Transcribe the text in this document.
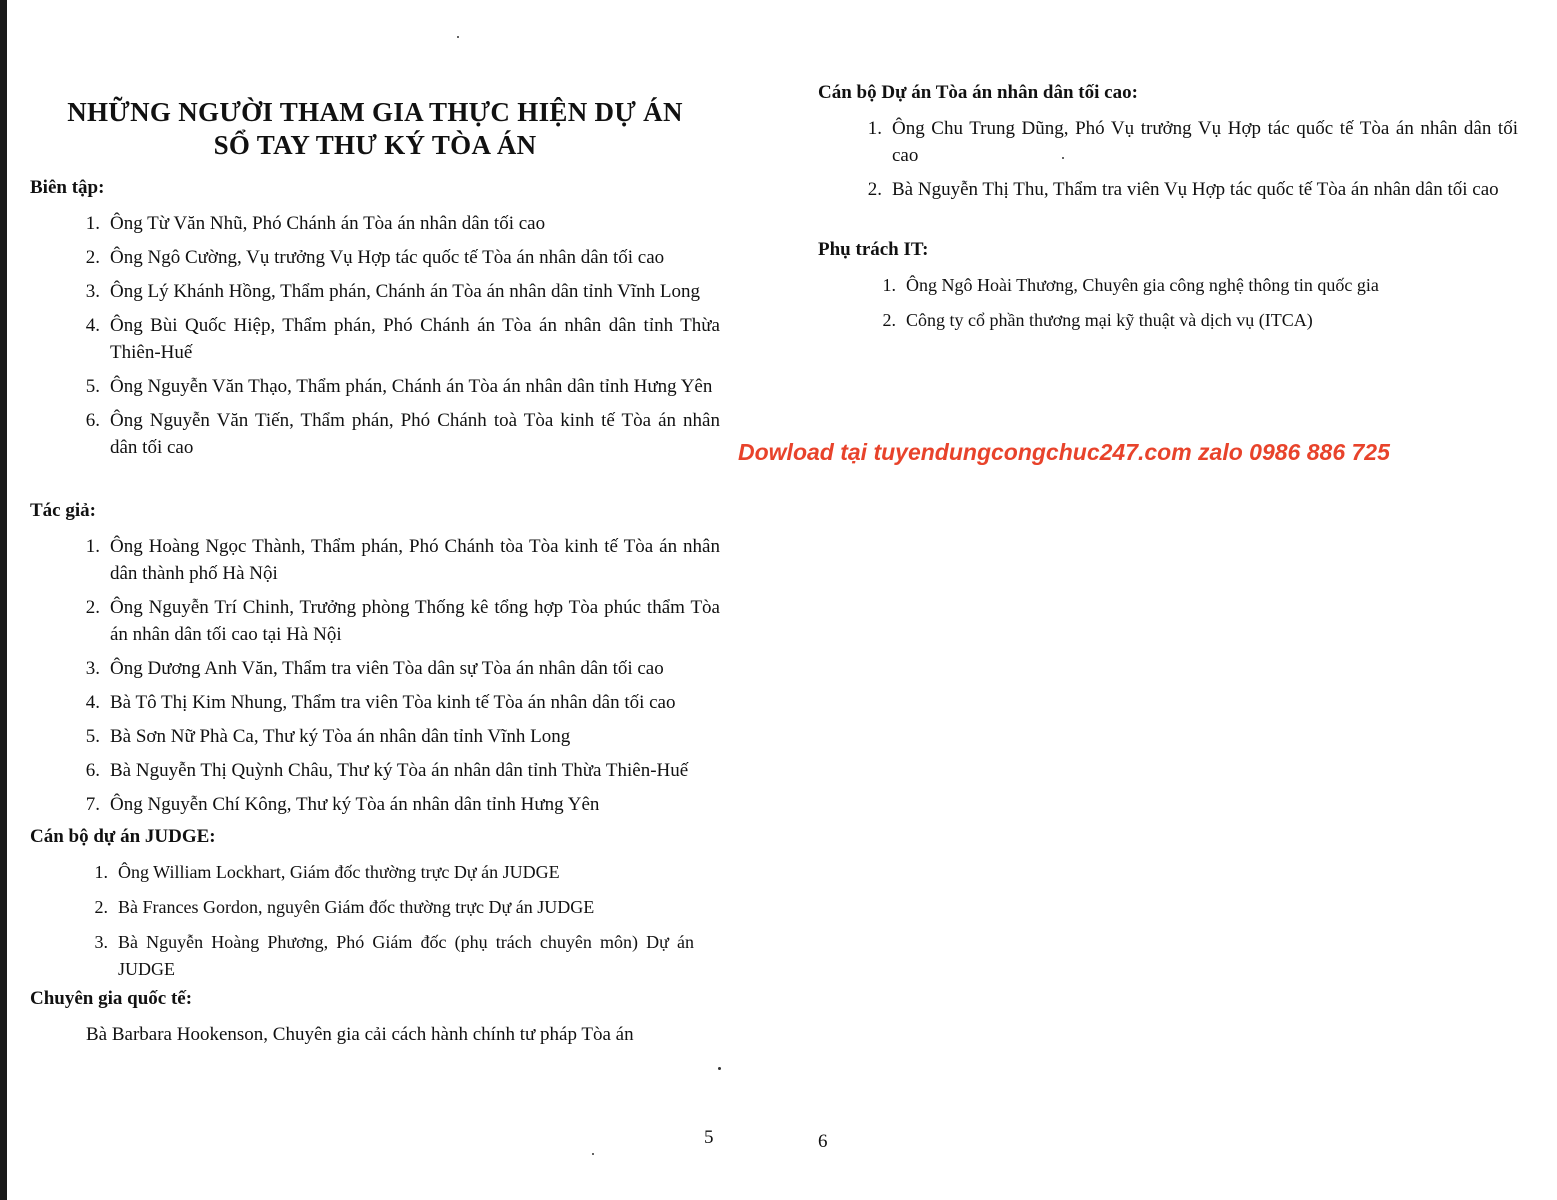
NHỮNG NGƯỜI THAM GIA THỰC HIỆN DỰ ÁN
SỔ TAY THƯ KÝ TÒA ÁN
Biên tập:
1. Ông Từ Văn Nhũ, Phó Chánh án Tòa án nhân dân tối cao
2. Ông Ngô Cường, Vụ trưởng Vụ Hợp tác quốc tế Tòa án nhân dân tối cao
3. Ông Lý Khánh Hồng, Thẩm phán, Chánh án Tòa án nhân dân tỉnh Vĩnh Long
4. Ông Bùi Quốc Hiệp, Thẩm phán, Phó Chánh án Tòa án nhân dân tỉnh Thừa Thiên-Huế
5. Ông Nguyễn Văn Thạo, Thẩm phán, Chánh án Tòa án nhân dân tỉnh Hưng Yên
6. Ông Nguyễn Văn Tiến, Thẩm phán, Phó Chánh toà Tòa kinh tế Tòa án nhân dân tối cao
Tác giả:
1. Ông Hoàng Ngọc Thành, Thẩm phán, Phó Chánh tòa Tòa kinh tế Tòa án nhân dân thành phố Hà Nội
2. Ông Nguyễn Trí Chinh, Trưởng phòng Thống kê tổng hợp Tòa phúc thẩm Tòa án nhân dân tối cao tại Hà Nội
3. Ông Dương Anh Văn, Thẩm tra viên Tòa dân sự Tòa án nhân dân tối cao
4. Bà Tô Thị Kim Nhung, Thẩm tra viên Tòa kinh tế Tòa án nhân dân tối cao
5. Bà Sơn Nữ Phà Ca, Thư ký Tòa án nhân dân tỉnh Vĩnh Long
6. Bà Nguyễn Thị Quỳnh Châu, Thư ký Tòa án nhân dân tỉnh Thừa Thiên-Huế
7. Ông Nguyễn Chí Kông, Thư ký Tòa án nhân dân tỉnh Hưng Yên
Cán bộ dự án JUDGE:
1. Ông William Lockhart, Giám đốc thường trực Dự án JUDGE
2. Bà Frances Gordon, nguyên Giám đốc thường trực Dự án JUDGE
3. Bà Nguyễn Hoàng Phương, Phó Giám đốc (phụ trách chuyên môn) Dự án JUDGE
Chuyên gia quốc tế:
Bà Barbara Hookenson, Chuyên gia cải cách hành chính tư pháp Tòa án
5
Cán bộ Dự án Tòa án nhân dân tối cao:
1. Ông Chu Trung Dũng, Phó Vụ trưởng Vụ Hợp tác quốc tế Tòa án nhân dân tối cao
2. Bà Nguyễn Thị Thu, Thẩm tra viên Vụ Hợp tác quốc tế Tòa án nhân dân tối cao
Phụ trách IT:
1. Ông Ngô Hoài Thương, Chuyên gia công nghệ thông tin quốc gia
2. Công ty cổ phần thương mại kỹ thuật và dịch vụ (ITCA)
6
Dowload tại tuyendungcongchuc247.com zalo 0986 886 725
